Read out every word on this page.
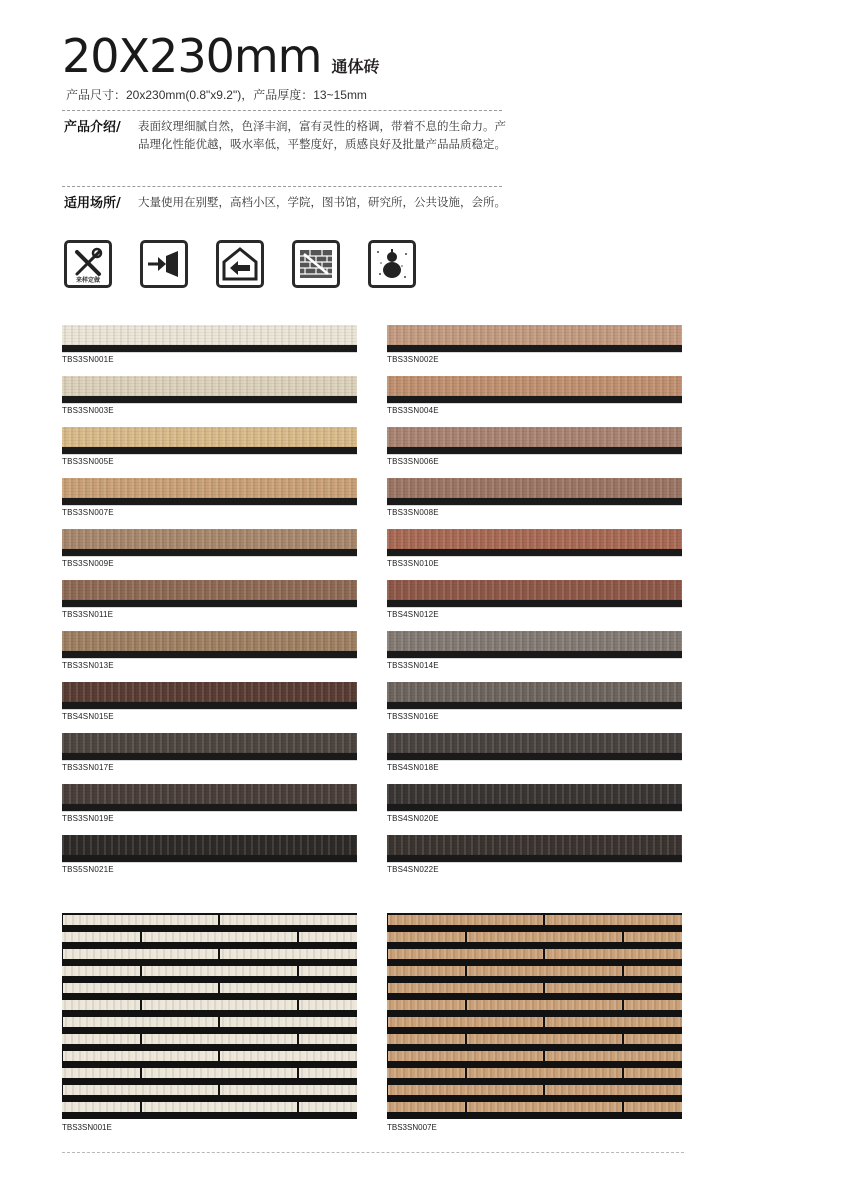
20X230mm 通体砖
产品尺寸：20x230mm(0.8"x9.2")，产品厚度：13~15mm
产品介绍/ 表面纹理细腻自然，色泽丰润，富有灵性的格调，带着不息的生命力。产品理化性能优越，吸水率低，平整度好，质感良好及批量产品品质稳定。
适用场所/ 大量使用在别墅，高档小区，学院，图书馆，研究所，公共设施，会所。
来样定做
TBS3SN001E	TBS3SN002E
TBS3SN003E	TBS3SN004E
TBS3SN005E	TBS3SN006E
TBS3SN007E	TBS3SN008E
TBS3SN009E	TBS3SN010E
TBS3SN011E	TBS4SN012E
TBS3SN013E	TBS3SN014E
TBS4SN015E	TBS3SN016E
TBS3SN017E	TBS4SN018E
TBS3SN019E	TBS4SN020E
TBS5SN021E	TBS4SN022E
TBS3SN001E	TBS3SN007E
